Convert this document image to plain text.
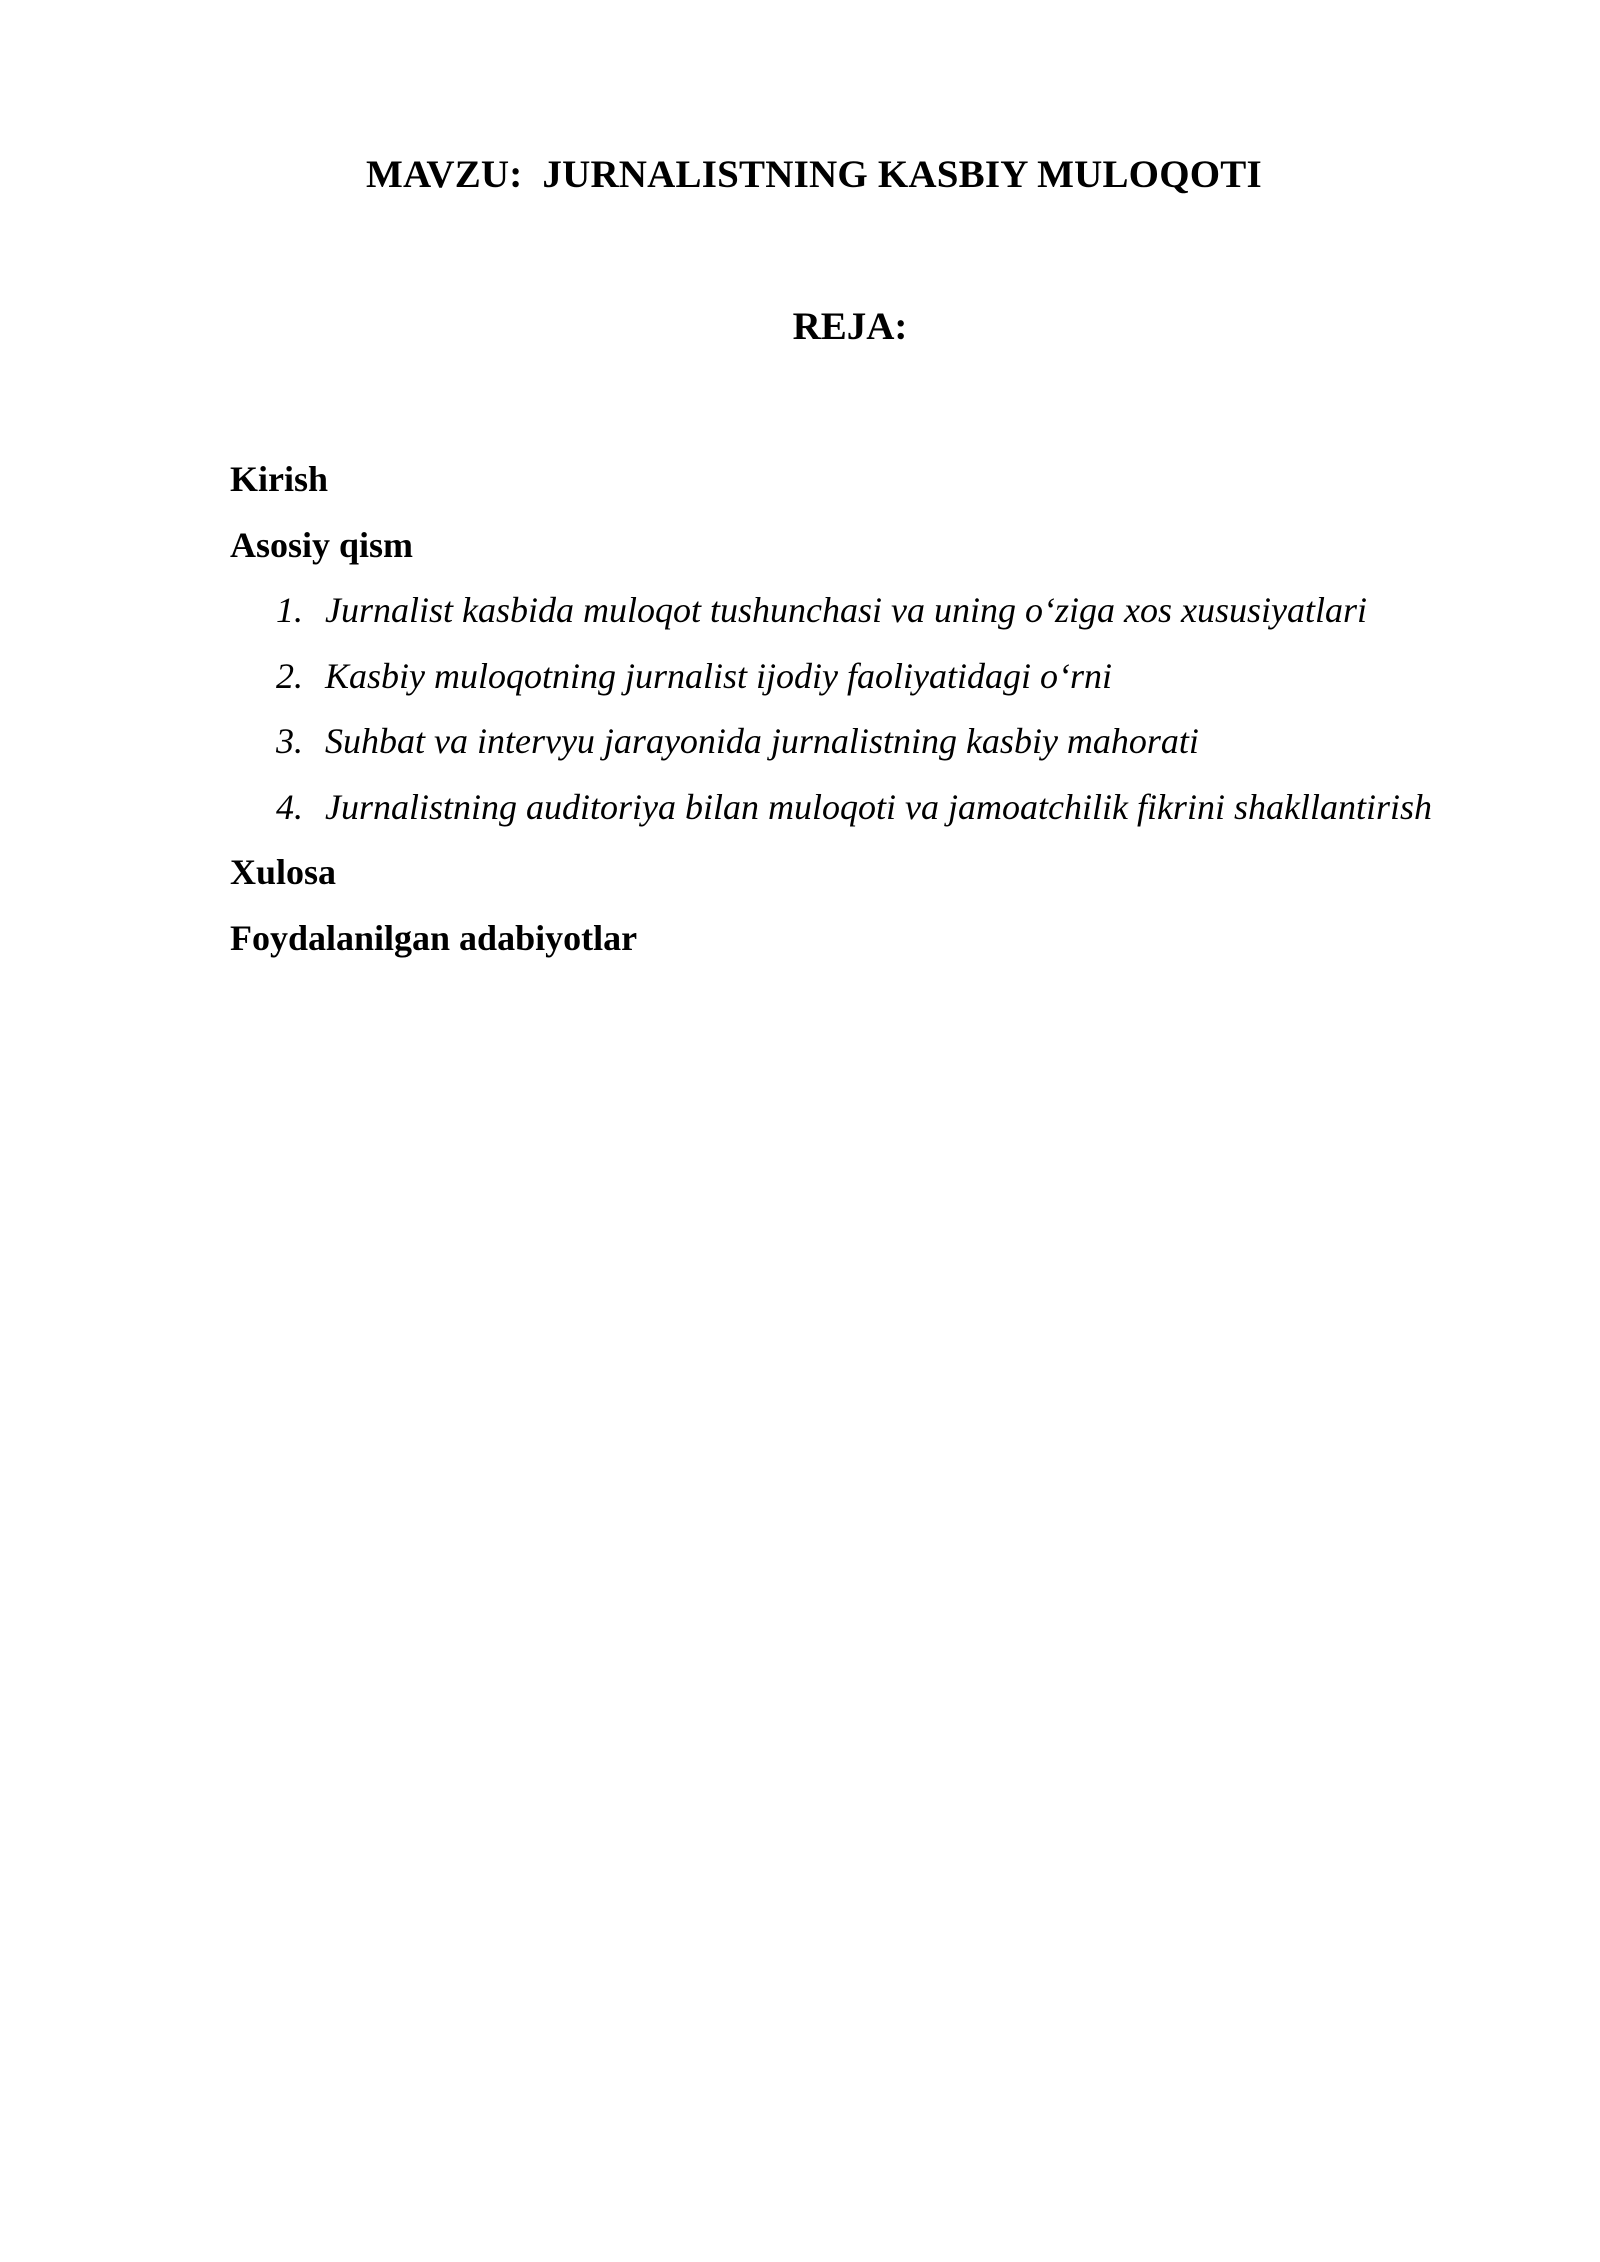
MAVZU:  JURNALISTNING KASBIY MULOQOTI
REJA:
Kirish
Asosiy qism
1. Jurnalist kasbida muloqot tushunchasi va uning o‘ziga xos xususiyatlari
2. Kasbiy muloqotning jurnalist ijodiy faoliyatidagi o‘rni
3. Suhbat va intervyu jarayonida jurnalistning kasbiy mahorati
4. Jurnalistning auditoriya bilan muloqoti va jamoatchilik fikrini shakllantirish
Xulosa
Foydalanilgan adabiyotlar
